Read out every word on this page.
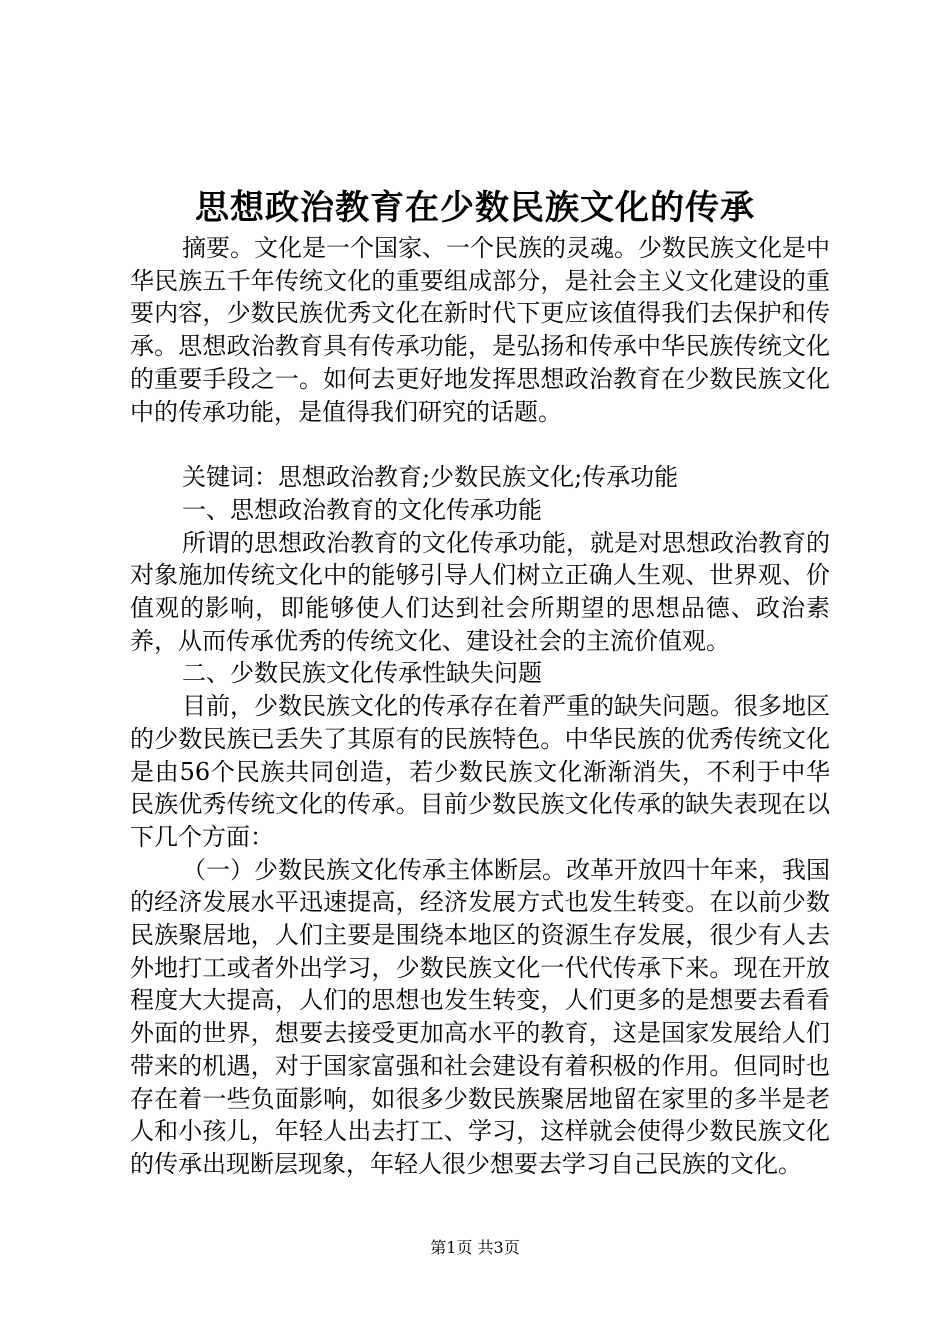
思想政治教育在少数民族文化的传承

摘要。文化是一个国家、一个民族的灵魂。少数民族文化是中华民族五千年传统文化的重要组成部分，是社会主义文化建设的重要内容，少数民族优秀文化在新时代下更应该值得我们去保护和传承。思想政治教育具有传承功能，是弘扬和传承中华民族传统文化的重要手段之一。如何去更好地发挥思想政治教育在少数民族文化中的传承功能，是值得我们研究的话题。

关键词：思想政治教育;少数民族文化;传承功能

一、思想政治教育的文化传承功能

所谓的思想政治教育的文化传承功能，就是对思想政治教育的对象施加传统文化中的能够引导人们树立正确人生观、世界观、价值观的影响，即能够使人们达到社会所期望的思想品德、政治素养，从而传承优秀的传统文化、建设社会的主流价值观。

二、少数民族文化传承性缺失问题

目前，少数民族文化的传承存在着严重的缺失问题。很多地区的少数民族已丢失了其原有的民族特色。中华民族的优秀传统文化是由56个民族共同创造，若少数民族文化渐渐消失，不利于中华民族优秀传统文化的传承。目前少数民族文化传承的缺失表现在以下几个方面：

（一）少数民族文化传承主体断层。改革开放四十年来，我国的经济发展水平迅速提高，经济发展方式也发生转变。在以前少数民族聚居地，人们主要是围绕本地区的资源生存发展，很少有人去外地打工或者外出学习，少数民族文化一代代传承下来。现在开放程度大大提高，人们的思想也发生转变，人们更多的是想要去看看外面的世界，想要去接受更加高水平的教育，这是国家发展给人们带来的机遇，对于国家富强和社会建设有着积极的作用。但同时也存在着一些负面影响，如很多少数民族聚居地留在家里的多半是老人和小孩儿，年轻人出去打工、学习，这样就会使得少数民族文化的传承出现断层现象，年轻人很少想要去学习自己民族的文化。

第1页 共3页
